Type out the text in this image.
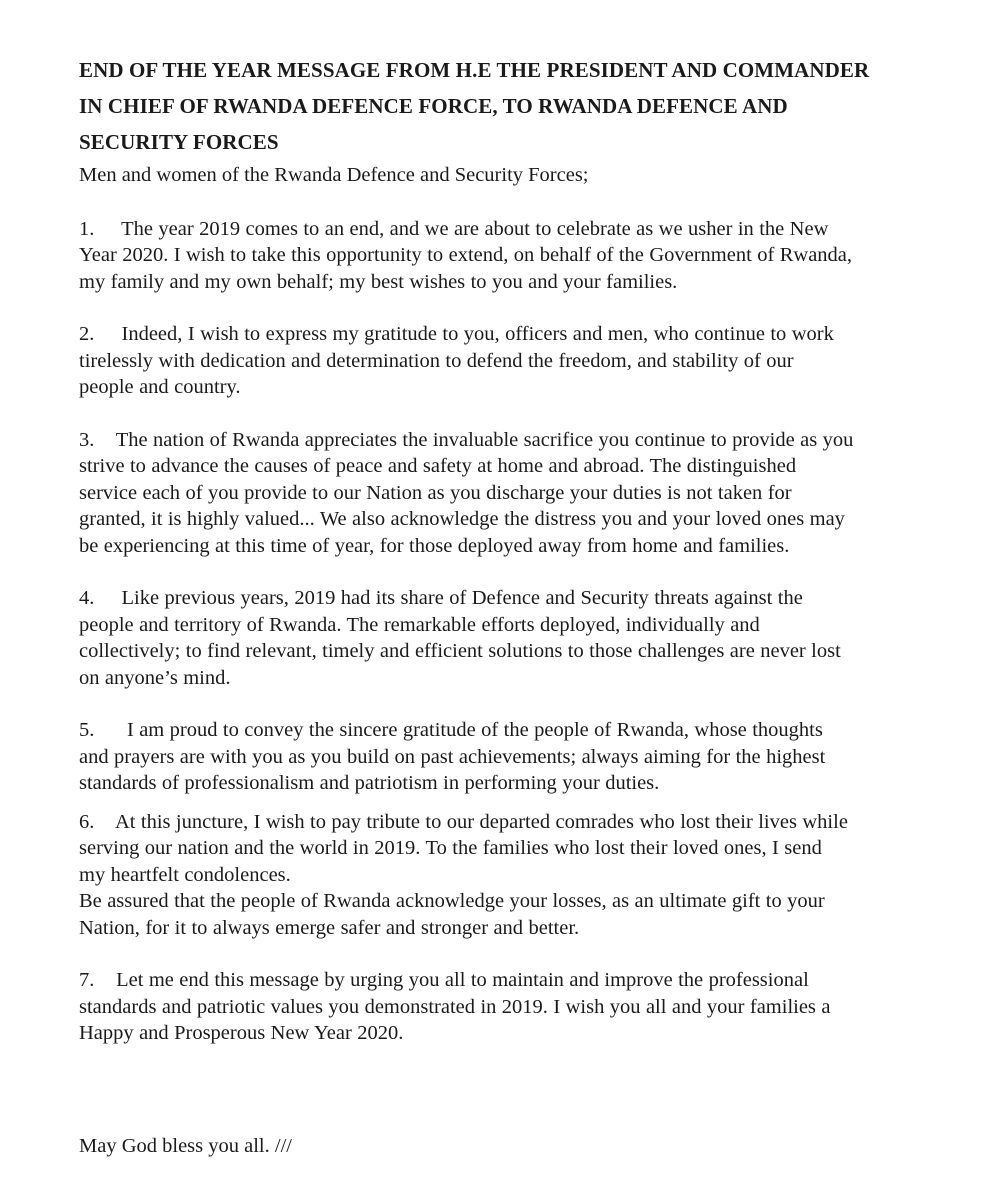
END OF THE YEAR MESSAGE FROM H.E THE PRESIDENT AND COMMANDER
IN CHIEF OF RWANDA DEFENCE FORCE, TO RWANDA DEFENCE AND
SECURITY FORCES

Men and women of the Rwanda Defence and Security Forces;

1.     The year 2019 comes to an end, and we are about to celebrate as we usher in the New
Year 2020. I wish to take this opportunity to extend, on behalf of the Government of Rwanda,
my family and my own behalf; my best wishes to you and your families.

2.     Indeed, I wish to express my gratitude to you, officers and men, who continue to work
tirelessly with dedication and determination to defend the freedom, and stability of our
people and country.

3.    The nation of Rwanda appreciates the invaluable sacrifice you continue to provide as you
strive to advance the causes of peace and safety at home and abroad. The distinguished
service each of you provide to our Nation as you discharge your duties is not taken for
granted, it is highly valued... We also acknowledge the distress you and your loved ones may
be experiencing at this time of year, for those deployed away from home and families.

4.     Like previous years, 2019 had its share of Defence and Security threats against the
people and territory of Rwanda. The remarkable efforts deployed, individually and
collectively; to find relevant, timely and efficient solutions to those challenges are never lost
on anyone’s mind.

5.      I am proud to convey the sincere gratitude of the people of Rwanda, whose thoughts
and prayers are with you as you build on past achievements; always aiming for the highest
standards of professionalism and patriotism in performing your duties.

6.    At this juncture, I wish to pay tribute to our departed comrades who lost their lives while
serving our nation and the world in 2019. To the families who lost their loved ones, I send
my heartfelt condolences.
Be assured that the people of Rwanda acknowledge your losses, as an ultimate gift to your
Nation, for it to always emerge safer and stronger and better.

7.    Let me end this message by urging you all to maintain and improve the professional
standards and patriotic values you demonstrated in 2019. I wish you all and your families a
Happy and Prosperous New Year 2020.

May God bless you all. ///
